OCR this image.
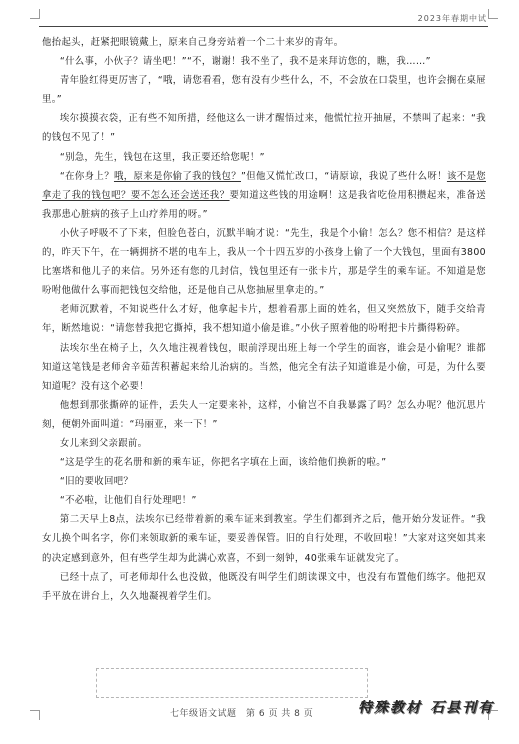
2023年春期中试

他抬起头，赶紧把眼镜戴上，原来自己身旁站着一个二十来岁的青年。

“什么事，小伙子？请坐吧！”“不，谢谢！我不坐了，我不是来拜访您的，瞧，我……”

青年脸红得更厉害了，“哦，请您看看，您有没有少些什么，不，不会放在口袋里，也许会搁在桌屉里。”

埃尔摸摸衣袋，正有些不知所措，经他这么一讲才醒悟过来，他慌忙拉开抽屉，不禁叫了起来：“我的钱包不见了！”

“别急，先生，钱包在这里，我正要还给您呢！”

“在你身上？哦，原来是你偷了我的钱包？”但他又慌忙改口，“请原谅，我说了些什么呀！该不是您拿走了我的钱包吧？要不怎么还会送还我？要知道这些钱的用途啊！这是我省吃俭用积攒起来，准备送我那患心脏病的孩子上山疗养用的呀。”

小伙子呼吸不了下来，但脸色苍白，沉默半晌才说：“先生，我是个小偷！怎么？您不相信？是这样的，昨天下午，在一辆拥挤不堪的电车上，我从一个十四五岁的小孩身上偷了一个大钱包，里面有3800比塞塔和他儿子的来信。另外还有您的几封信，钱包里还有一张卡片，那是学生的乘车证。不知道是您吩咐他做什么事而把钱包交给他，还是他自己从您抽屉里拿走的。”

老师沉默着，不知说些什么才好，他拿起卡片，想着看那上面的姓名，但又突然放下，随手交给青年，断然地说：“请您替我把它撕掉，我不想知道小偷是谁。”小伙子照着他的吩咐把卡片撕得粉碎。

法埃尔坐在椅子上，久久地注视着钱包，眼前浮现出班上每一个学生的面容，谁会是小偷呢？谁都知道这笔钱是老师舍辛茹苦积蓄起来给儿治病的。当然，他完全有法子知道谁是小偷，可是，为什么要知道呢？没有这个必要！

他想到那张撕碎的证件，丢失人一定要来补，这样，小偷岂不自我暴露了吗？怎么办呢？他沉思片刻，便朝外面叫道：“玛丽亚，来一下！”

女儿来到父亲跟前。

“这是学生的花名册和新的乘车证，你把名字填在上面，该给他们换新的啦。”

“旧的要收回吧？

“不必啦，让他们自行处理吧！”

第二天早上8点，法埃尔已经带着新的乘车证来到教室。学生们都到齐之后，他开始分发证件。“我女儿换个叫名字，你们来领取新的乘车证，要妥善保管。旧的自行处理，不收回啦！”大家对这突如其来的决定感到意外，但有些学生却为此满心欢喜，不到一刻钟，40张乘车证就发完了。

已经十点了，可老师却什么也没做，他既没有叫学生们朗读课文中，也没有布置他们练字。他把双手平放在讲台上，久久地凝视着学生们。

七年级语文试题　第 6 页 共 8 页	特殊教材 石县刊有
